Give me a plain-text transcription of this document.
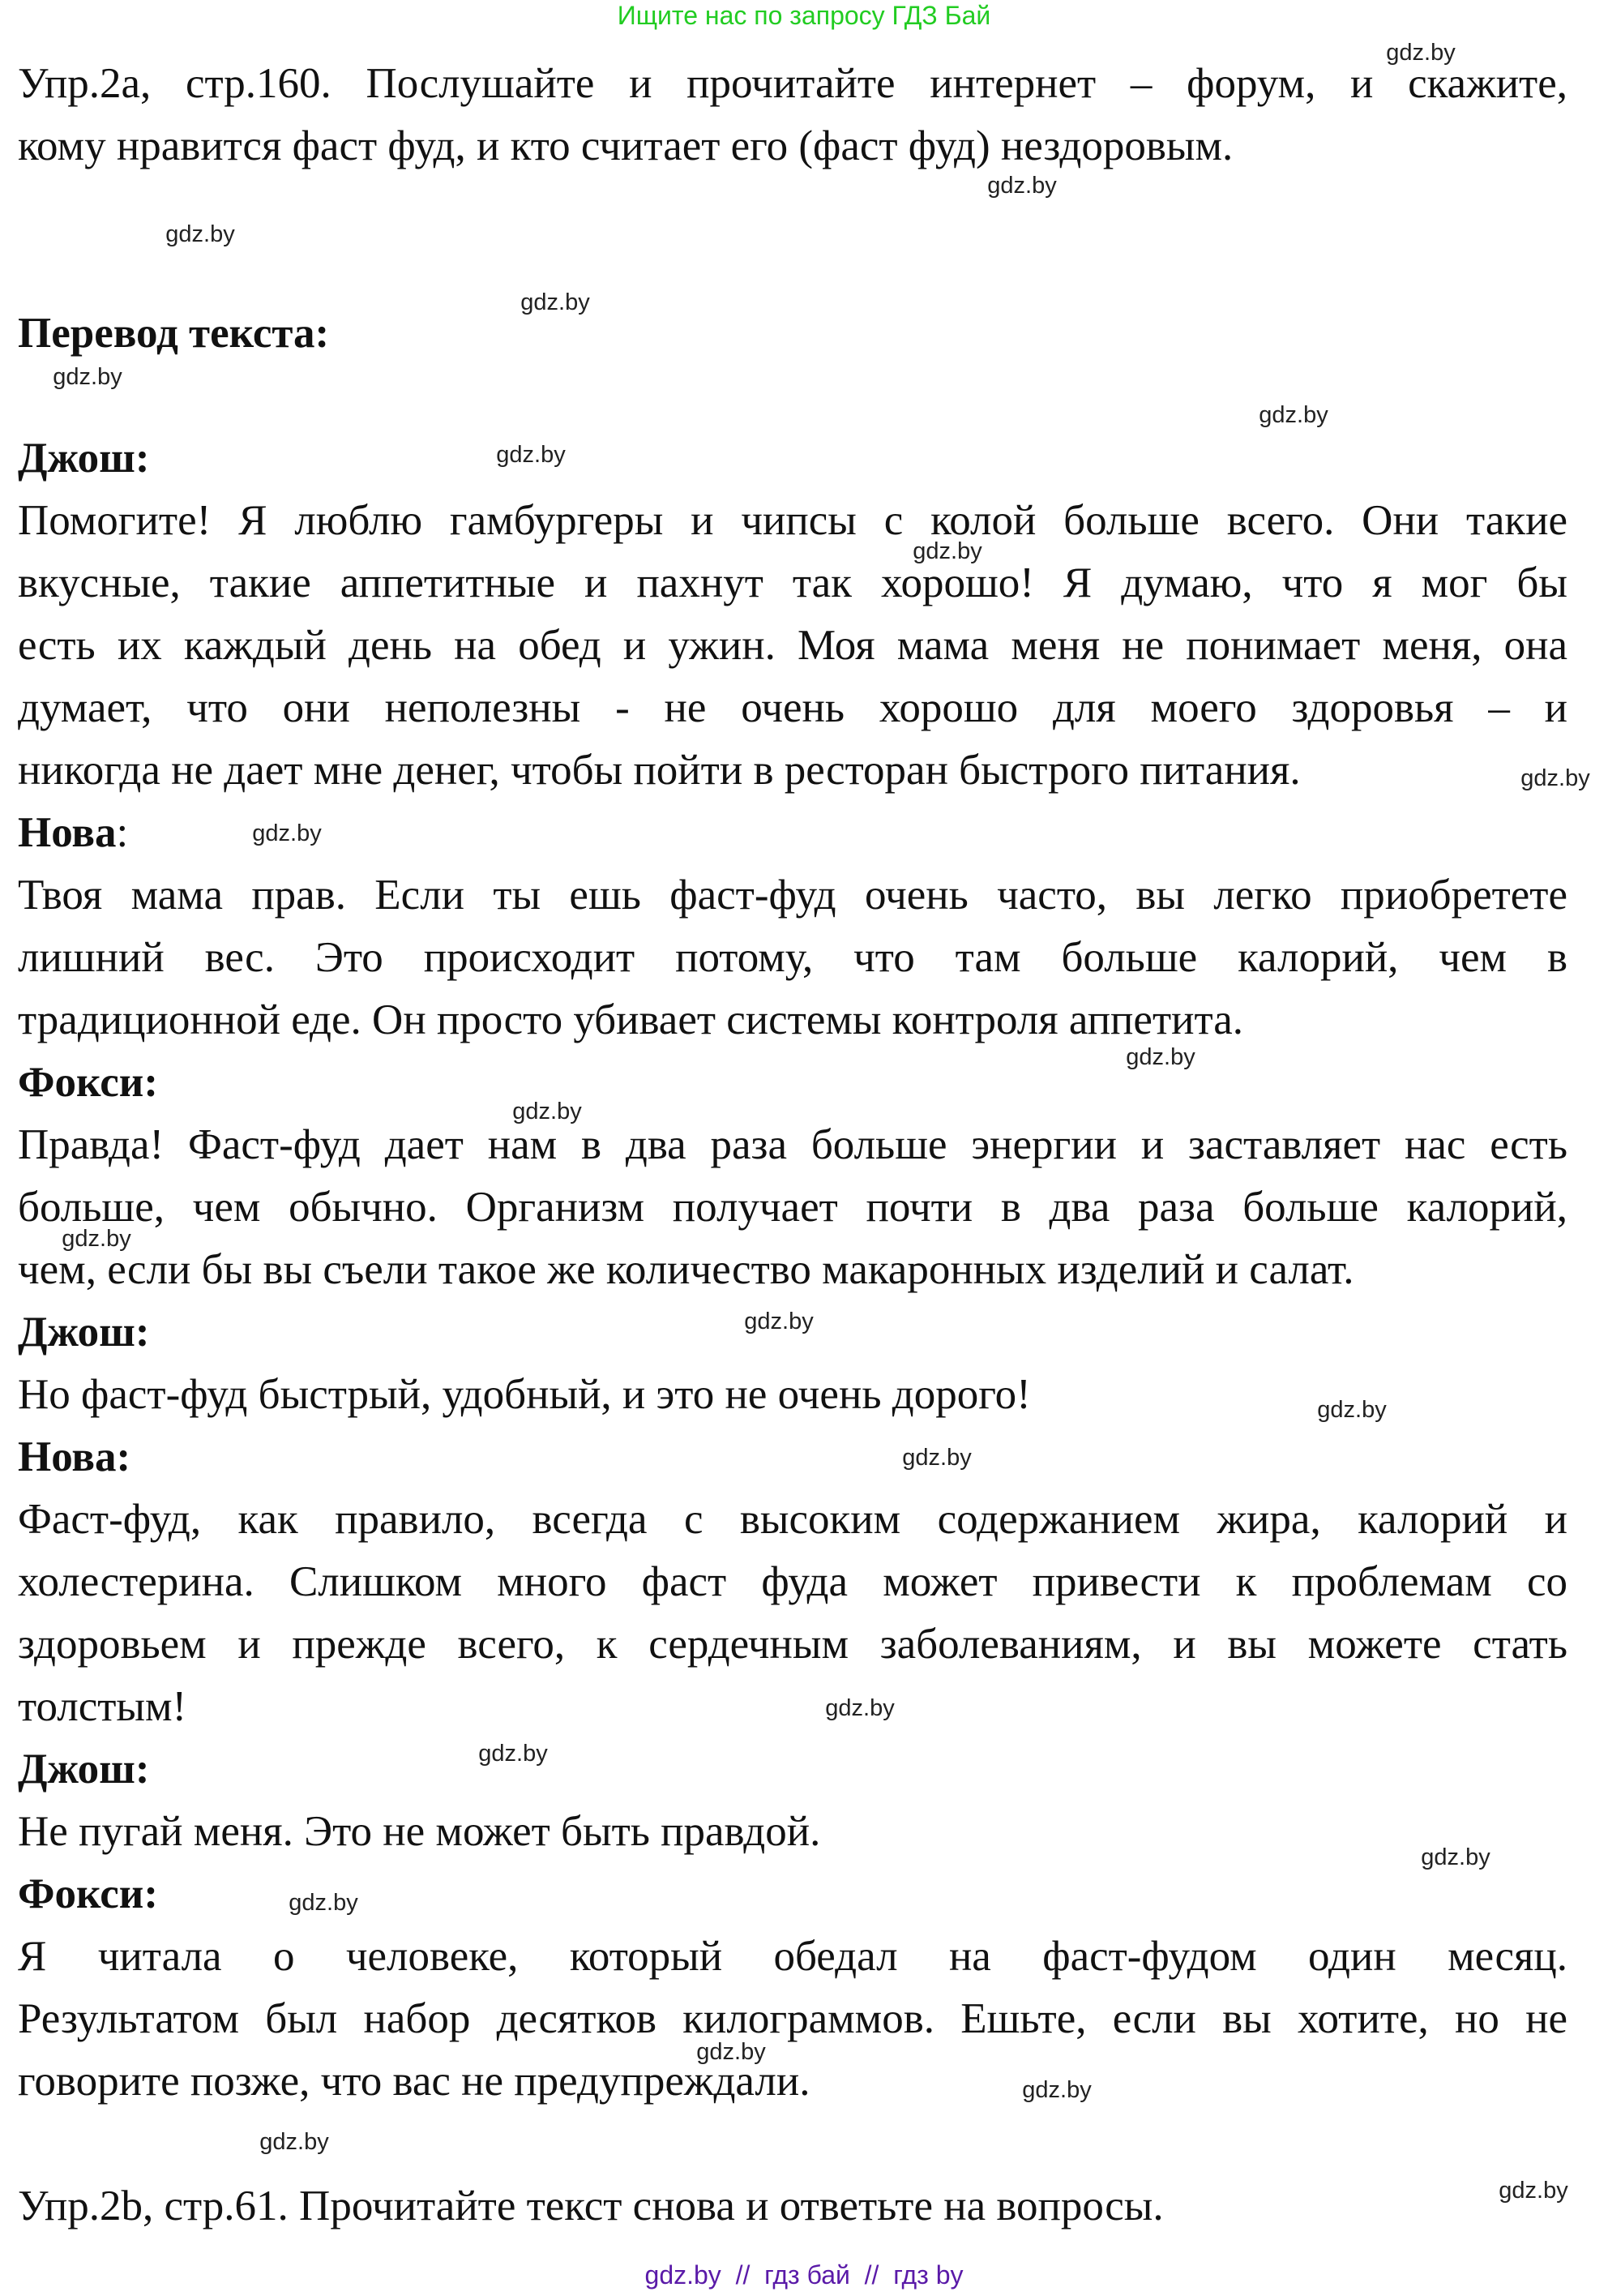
Ищите нас по запросу ГДЗ Бай
Упр.2а, стр.160. Послушайте и прочитайте интернет – форум, и скажите,
кому нравится фаст фуд, и кто считает его (фаст фуд) нездоровым.
Перевод текста:
Джош:
Помогите! Я люблю гамбургеры и чипсы с колой больше всего. Они такие
вкусные, такие аппетитные и пахнут так хорошо! Я думаю, что я мог бы
есть их каждый день на обед и ужин. Моя мама меня не понимает меня, она
думает, что они неполезны - не очень хорошо для моего здоровья – и
никогда не дает мне денег, чтобы пойти в ресторан быстрого питания.
Нова:
Твоя мама прав. Если ты ешь фаст-фуд очень часто, вы легко приобретете
лишний вес. Это происходит потому, что там больше калорий, чем в
традиционной еде. Он просто убивает системы контроля аппетита.
Фокси:
Правда! Фаст-фуд дает нам в два раза больше энергии и заставляет нас есть
больше, чем обычно. Организм получает почти в два раза больше калорий,
чем, если бы вы съели такое же количество макаронных изделий и салат.
Джош:
Но фаст-фуд быстрый, удобный, и это не очень дорого!
Нова:
Фаст-фуд, как правило, всегда с высоким содержанием жира, калорий и
холестерина. Слишком много фаст фуда может привести к проблемам со
здоровьем и прежде всего, к сердечным заболеваниям, и вы можете стать
толстым!
Джош:
Не пугай меня. Это не может быть правдой.
Фокси:
Я читала о человеке, который обедал на фаст-фудом один месяц.
Результатом был набор десятков килограммов. Ешьте, если вы хотите, но не
говорите позже, что вас не предупреждали.
Упр.2b, стр.61. Прочитайте текст снова и ответьте на вопросы.
gdz.by
gdz.by
gdz.by
gdz.by
gdz.by
gdz.by
gdz.by
gdz.by
gdz.by
gdz.by
gdz.by
gdz.by
gdz.by
gdz.by
gdz.by
gdz.by
gdz.by
gdz.by
gdz.by
gdz.by
gdz.by
gdz.by
gdz.by
gdz.by
gdz.by  //  гдз бай  //  гдз by
